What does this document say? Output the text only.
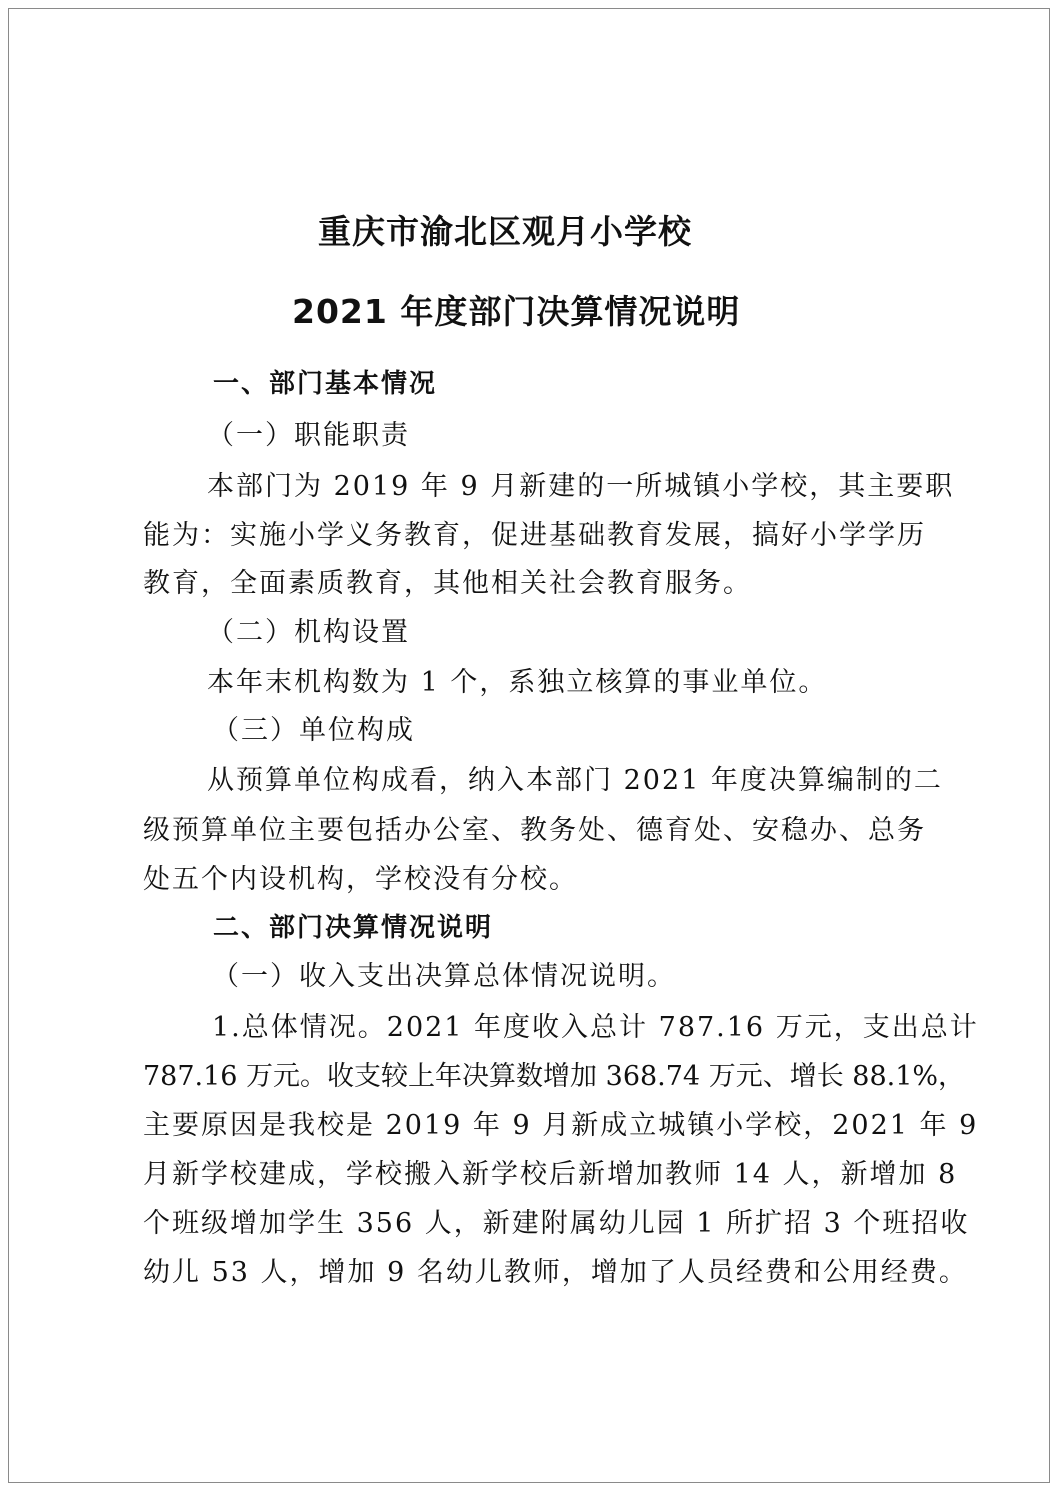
重庆市渝北区观月小学校
2021 年度部门决算情况说明
一、部门基本情况
（一）职能职责
本部门为 2019 年 9 月新建的一所城镇小学校，其主要职
能为：实施小学义务教育，促进基础教育发展，搞好小学学历
教育，全面素质教育，其他相关社会教育服务。
（二）机构设置
本年末机构数为 1 个，系独立核算的事业单位。
（三）单位构成
从预算单位构成看，纳入本部门 2021 年度决算编制的二
级预算单位主要包括办公室、教务处、德育处、安稳办、总务
处五个内设机构，学校没有分校。
二、部门决算情况说明
（一）收入支出决算总体情况说明。
1.总体情况。2021 年度收入总计 787.16 万元，支出总计
787.16 万元。收支较上年决算数增加 368.74 万元、增长 88.1%，
主要原因是我校是 2019 年 9 月新成立城镇小学校，2021 年 9
月新学校建成，学校搬入新学校后新增加教师 14 人，新增加 8
个班级增加学生 356 人，新建附属幼儿园 1 所扩招 3 个班招收
幼儿 53 人，增加 9 名幼儿教师，增加了人员经费和公用经费。
